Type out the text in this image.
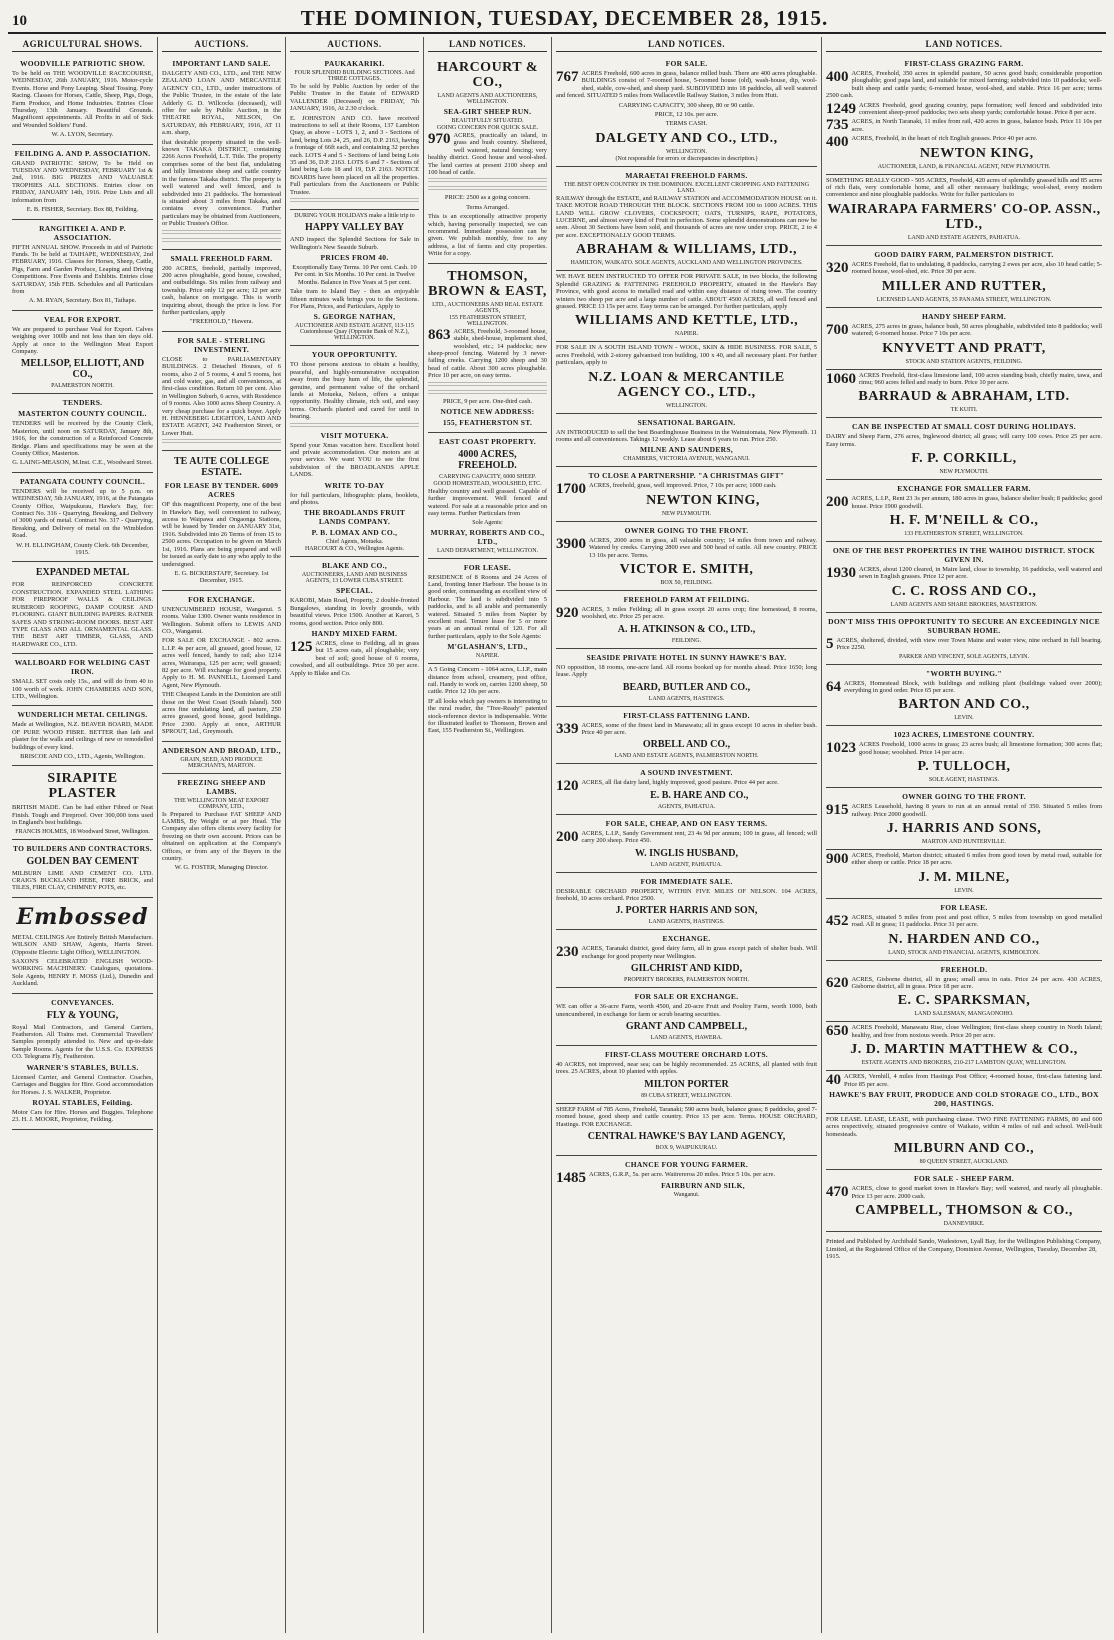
10	THE DOMINION, TUESDAY, DECEMBER 28, 1915.
AGRICULTURAL SHOWS.
WOODVILLE PATRIOTIC SHOW.

To be held on THE WOODVILLE RACECOURSE, WEDNESDAY, 26th JANUARY, 1916. Motor-cycle Events. Horse and Pony Leaping. Sheaf Tossing. Pony Racing. Classes for Horses, Cattle, Sheep, Pigs, Dogs, Farm Produce, and Home Industries. Entries Close Thursday, 13th January. Beautiful Grounds. Magnificent appointments. All Profits in aid of Sick and Wounded Soldiers' Fund.

W. A. LYON, Secretary.

FEILDING A. AND P. ASSOCIATION.

GRAND PATRIOTIC SHOW, To be Held on TUESDAY AND WEDNESDAY, FEBRUARY 1st & 2nd, 1916. BIG PRIZES AND VALUABLE TROPHIES ALL SECTIONS. Entries close on FRIDAY, JANUARY 14th, 1916. Prize Lists and all information from

E. B. FISHER, Secretary. Box 88, Feilding.

RANGITIKEI A. AND P. ASSOCIATION.

FIFTH ANNUAL SHOW. Proceeds in aid of Patriotic Funds. To be held at TAIHAPE, WEDNESDAY, 2nd FEBRUARY, 1916. Classes for Horses, Sheep, Cattle, Pigs, Farm and Garden Produce, Leaping and Driving Competitions. Free Events and Exhibits. Entries close SATURDAY, 15th FEB. Schedules and all Particulars from

A. M. RYAN, Secretary. Box 81, Taihape.

VEAL FOR EXPORT.

We are prepared to purchase Veal for Export. Calves weighing over 100lb and not less than ten days old. Apply at once to the Wellington Meat Export Company.

MELLSOP, ELLIOTT, AND CO.,
PALMERSTON NORTH.
TENDERS.
MASTERTON COUNTY COUNCIL.

TENDERS will be received by the County Clerk, Masterton, until noon on SATURDAY, January 8th, 1916, for the construction of a Reinforced Concrete Bridge. Plans and specifications may be seen at the County Office, Masterton.

G. LAING-MEASON, M.Inst. C.E., Woodward Street.

PATANGATA COUNTY COUNCIL.

TENDERS will be received up to 5 p.m. on WEDNESDAY, 5th JANUARY, 1916, at the Patangata County Office, Waipukurau, Hawke's Bay, for: Contract No. 316 - Quarrying, Breaking, and Delivery of 3000 yards of metal. Contract No. 317 - Quarrying, Breaking, and Delivery of metal on the Wimbledon Road.

W. H. ELLINGHAM, County Clerk. 6th December, 1915.

EXPANDED METAL

FOR REINFORCED CONCRETE CONSTRUCTION. EXPANDED STEEL LATHING FOR FIREPROOF WALLS & CEILINGS. RUBEROID ROOFING, DAMP COURSE AND FLOORING. GIANT BUILDING PAPERS. RATNER SAFES AND STRONG-ROOM DOORS. BEST ART TYPE GLASS AND ALL ORNAMENTAL GLASS. THE BEST ART TIMBER, GLASS, AND HARDWARE CO., LTD.

WALLBOARD FOR WELDING CAST IRON.

SMALL SET costs only 15s., and will do from 40 to 100 worth of work. JOHN CHAMBERS AND SON, LTD., Wellington.

WUNDERLICH METAL CEILINGS.

Made at Wellington, N.Z. BEAVER BOARD, MADE OF PURE WOOD FIBRE. BETTER than lath and plaster for the walls and ceilings of new or remodelled buildings of every kind.

BRISCOE AND CO., LTD., Agents, Wellington.

SIRAPITE PLASTER

BRITISH MADE. Can be had either Fibred or Neat Finish. Tough and Fireproof. Over 300,000 tons used in England's best buildings.

FRANCIS HOLMES, 18 Woodward Street, Wellington.
TO BUILDERS AND CONTRACTORS.
GOLDEN BAY CEMENT

MILBURN LIME AND CEMENT CO. LTD. CRAIG'S BUCKLAND HEBE, FIRE BRICK, and TILES, FIRE CLAY, CHIMNEY POTS, etc.

Embossed

METAL CEILINGS Are Entirely British Manufacture. WILSON AND SHAW, Agents, Harris Street. (Opposite Electric Light Office), WELLINGTON.

SAXON'S CELEBRATED ENGLISH WOOD-WORKING MACHINERY. Catalogues, quotations. Sole Agents, HENRY F. MOSS (Ltd.), Dunedin and Auckland.

CONVEYANCES.
FLY & YOUNG,

Royal Mail Contractors, and General Carriers, Featherston. All Trains met. Commercial Travellers' Samples promptly attended to. New and up-to-date Sample Rooms. Agents for the U.S.S. Co. EXPRESS CO. Telegrams Fly, Featherston.

WARNER'S STABLES, BULLS.

Licensed Carrier, and General Contractor. Coaches, Carriages and Buggies for Hire. Good accommodation for Horses. J. S. WALKER, Proprietor.

ROYAL STABLES, Feilding.

Motor Cars for Hire. Horses and Buggies. Telephone 23. H. J. MOORE, Proprietor, Feilding.

AUCTIONS.
IMPORTANT LAND SALE.

DALGETY AND CO., LTD., and THE NEW ZEALAND LOAN AND MERCANTILE AGENCY CO., LTD., under instructions of the Public Trustee, in the estate of the late Adderly G. D. Willcocks (deceased), will offer for sale by Public Auction, in the THEATRE ROYAL, NELSON, On SATURDAY, 8th FEBRUARY, 1916, AT 11 a.m. sharp,

that desirable property situated in the well-known TAKAKA DISTRICT, containing 2266 Acres Freehold, L.T. Title. The property comprises some of the best flat, undulating and hilly limestone sheep and cattle country in the famous Takaka district. The property is well watered and well fenced, and is subdivided into 21 paddocks. The homestead is situated about 3 miles from Takaka, and contains every convenience. Further particulars may be obtained from Auctioneers, or Public Trustee's Office.

SMALL FREEHOLD FARM.

200 ACRES, freehold, partially improved, 200 acres ploughable, good house, cowshed, and outbuildings. Six miles from railway and township. Price only 12 per acre; 12 per acre cash, balance on mortgage. This is worth inquiring about, though the price is low. For further particulars, apply

"FREEHOLD," Hawera.

FOR SALE - STERLING INVESTMENT.

CLOSE to PARLIAMENTARY BUILDINGS. 2 Detached Houses, of 6 rooms, also 2 of 5 rooms, 4 and 5 rooms, hot and cold water, gas, and all conveniences, at first-class condition. Return 10 per cent. Also in Wellington Suburb, 6 acres, with Residence of 9 rooms. Also 1000 acres Sheep Country. A very cheap purchase for a quick buyer. Apply H. HENNEBERG LEIGHTON, LAND AND ESTATE AGENT, 242 Featherston Street, or Lower Hutt.

TE AUTE COLLEGE ESTATE.
FOR LEASE BY TENDER. 6009 ACRES

OF this magnificent Property, one of the best in Hawke's Bay, well convenient to railway, access to Waipawa and Ongaonga Stations, will be leased by Tender on JANUARY 31st, 1916. Subdivided into 26 Terms of from 15 to 2500 acres. Occupation to be given on March 1st, 1916. Plans are being prepared and will be issued as early date to any who apply to the undersigned.

E. G. BICKERSTAFF, Secretary. 1st December, 1915.

FOR EXCHANGE.

UNENCUMBERED HOUSE, Wanganui. 5 rooms. Value 1300. Owner wants residence in Wellington. Submit offers to LEWIS AND CO., Wanganui.

FOR SALE OR EXCHANGE - 802 acres. L.I.P. 4s per acre, all grassed, good house, 12 acres well fenced, handy to rail; also 1214 acres, Wairarapa, 125 per acre; well grassed; 82 per acre. Will exchange for good property. Apply to H. M. PANNELL, Licensed Land Agent, New Plymouth.

THE Cheapest Lands in the Dominion are still those on the West Coast (South Island). 500 acres fine undulating land, all pasture, 250 acres grassed, good house, good buildings. Price 2300. Apply at once, ARTHUR SPROUT, Ltd., Greymouth.

ANDERSON AND BROAD, LTD.,
GRAIN, SEED, AND PRODUCE MERCHANTS, MARTON.
FREEZING SHEEP AND LAMBS.
THE WELLINGTON MEAT EXPORT COMPANY, LTD.,

Is Prepared to Purchase FAT SHEEP AND LAMBS, By Weight or at per Head. The Company also offers clients every facility for freezing on their own account. Prices can be obtained on application at the Company's Offices, or from any of the Buyers in the country.

W. G. FOSTER, Managing Director.

AUCTIONS.
PAUKAKARIKI.
FOUR SPLENDID BUILDING SECTIONS. And THREE COTTAGES.

To be sold by Public Auction by order of the Public Trustee in the Estate of EDWARD VALLENDER (Deceased) on FRIDAY, 7th JANUARY, 1916, At 2.30 o'clock.

E. JOHNSTON AND CO. have received instructions to sell at their Rooms, 137 Lambton Quay, as above - LOTS 1, 2, and 3 - Sections of land, being Lots 24, 25, and 26, D.P. 2163, having a frontage of 66ft each, and containing 32 perches each. LOTS 4 and 5 - Sections of land being Lots 35 and 36, D.P. 2163. LOTS 6 and 7 - Sections of land being Lots 18 and 19, D.P. 2163. NOTICE BOARDS have been placed on all the properties. Full particulars from the Auctioneers or Public Trustee.

DURING YOUR HOLIDAYS make a little trip to
HAPPY VALLEY BAY

AND inspect the Splendid Sections for Sale in Wellington's New Seaside Suburb.

PRICES FROM 40.

Exceptionally Easy Terms. 10 Per cent. Cash. 10 Per cent. in Six Months. 10 Per cent. in Twelve Months. Balance in Five Years at 5 per cent.

Take tram to Island Bay - then an enjoyable fifteen minutes walk brings you to the Sections. For Plans, Prices, and Particulars, Apply to

S. GEORGE NATHAN,
AUCTIONEER AND ESTATE AGENT, 113-115 Customhouse Quay (Opposite Bank of N.Z.), WELLINGTON.
YOUR OPPORTUNITY.

TO those persons anxious to obtain a healthy, peaceful, and highly-remunerative occupation away from the busy hum of life, the splendid, genuine, and permanent value of the orchard lands at Motueka, Nelson, offers a unique opportunity. Healthy climate, rich soil, and easy terms. Orchards planted and cared for until in bearing.

VISIT MOTUEKA.

Spend your Xmas vacation here. Excellent hotel and private accommodation. Our motors are at your service. We want YOU to see the first subdivision of the BROADLANDS APPLE LANDS.

WRITE TO-DAY

for full particulars, lithographic plans, booklets, and photos.

THE BROADLANDS FRUIT LANDS COMPANY.
P. B. LOMAX AND CO.,
Chief Agents, Motueka.
HARCOURT & CO., Wellington Agents.
BLAKE AND CO.,
AUCTIONEERS, LAND AND BUSINESS AGENTS, 13 LOWER CUBA STREET.
SPECIAL.

KAROBI, Main Road, Property, 2 double-fronted Bungalows, standing in lovely grounds, with beautiful views. Price 1500. Another at Karori, 5 rooms, good section. Price only 800.

HANDY MIXED FARM.

125 ACRES, close to Feilding, all in grass but 15 acres oats, all ploughable; very best of soil; good house of 6 rooms, cowshed, and all outbuildings. Price 30 per acre. Apply to Blake and Co.

LAND NOTICES.
HARCOURT & CO.,
LAND AGENTS AND AUCTIONEERS, WELLINGTON.
SEA-GIRT SHEEP RUN.
BEAUTIFULLY SITUATED.
GOING CONCERN FOR QUICK SALE.

970 ACRES, practically an island, in grass and bush country. Sheltered, well watered, natural fencing; very healthy district. Good house and wool-shed. The land carries at present 2100 sheep and 100 head of cattle.

PRICE: 2500 as a going concern.

Terms Arranged.

This is an exceptionally attractive property which, having personally inspected, we can recommend. Immediate possession can be given. We publish monthly, free to any address, a list of farms and city properties. Write for a copy.

THOMSON, BROWN & EAST,
LTD., AUCTIONEERS AND REAL ESTATE AGENTS,
155 FEATHERSTON STREET, WELLINGTON.

863 ACRES, Freehold, 3-roomed house, stable, shed-house, implement shed, woolshed, etc.; 14 paddocks; new sheep-proof fencing. Watered by 3 never-failing creeks. Carrying 1200 sheep and 30 head of cattle. About 300 acres ploughable. Price 10 per acre, on easy terms.

PRICE, 9 per acre. One-third cash.

NOTICE NEW ADDRESS:
155, FEATHERSTON ST.
EAST COAST PROPERTY.
4000 ACRES, FREEHOLD.
CARRYING CAPACITY, 6000 SHEEP.
GOOD HOMESTEAD, WOOLSHED, ETC.

Healthy country and well grassed. Capable of further improvement. Well fenced and watered. For sale at a reasonable price and on easy terms. Further Particulars from

Sole Agents:
MURRAY, ROBERTS AND CO., LTD.,
LAND DEPARTMENT, WELLINGTON.
FOR LEASE.

RESIDENCE of 8 Rooms and 24 Acres of Land, fronting Inner Harbour. The house is in good order, commanding an excellent view of Harbour. The land is subdivided into 5 paddocks, and is all arable and permanently watered. Situated 5 miles from Napier by excellent road. Tenure lease for 5 or more years at an annual rental of 120. For all further particulars, apply to the Sole Agents:

M'GLASHAN'S, LTD.,
NAPIER.

A 5 Going Concern - 1064 acres, L.I.P., main distance from school, creamery, post office, rail. Handy to work on, carries 1200 sheep, 50 cattle. Price 12 10s per acre.

IF all looks which pay owners is interesting to the rural reader, the "Tree-Ready" patented stock-reference device is indispensable. Write for illustrated leaflet to Thomson, Brown and East, 155 Featherston St., Wellington.

LAND NOTICES.
FOR SALE.

767 ACRES Freehold, 600 acres in grass, balance milled bush. There are 400 acres ploughable. BUILDINGS consist of 7-roomed house, 5-roomed house (old), wash-house, dip, wool-shed, stable, cow-shed, and sheep yard. SUBDIVIDED into 18 paddocks, all well watered and fenced. SITUATED 5 miles from Wallaceville Railway Station, 3 miles from Hutt.

CARRYING CAPACITY, 300 sheep, 80 or 90 cattle.

PRICE, 12 10s. per acre.

TERMS CASH.

DALGETY AND CO., LTD.,
WELLINGTON.
(Not responsible for errors or discrepancies in description.)
MARAETAI FREEHOLD FARMS.
THE BEST OPEN COUNTRY IN THE DOMINION. EXCELLENT CROPPING AND FATTENING LAND.

RAILWAY through the ESTATE, and RAILWAY STATION and ACCOMMODATION HOUSE on it. TAKE MOTOR ROAD THROUGH THE BLOCK. SECTIONS FROM 100 to 1000 ACRES. THIS LAND WILL GROW CLOVERS, COCKSFOOT, OATS, TURNIPS, RAPE, POTATOES, LUCERNE, and almost every kind of Fruit in perfection. Some splendid demonstrations can now be seen. About 30 Sections have been sold, and thousands of acres are now under crop. PRICE, 2 to 4 per acre. EXCEPTIONALLY GOOD TERMS.

ABRAHAM & WILLIAMS, LTD.,
HAMILTON, WAIKATO. SOLE AGENTS, AUCKLAND AND WELLINGTON PROVINCES.

WE HAVE BEEN INSTRUCTED TO OFFER FOR PRIVATE SALE, in two blocks, the following Splendid GRAZING & FATTENING FREEHOLD PROPERTY, situated in the Hawke's Bay Province, with good access to metalled road and within easy distance of rising town. The country winters two sheep per acre and a large number of cattle. ABOUT 4500 ACRES, all well fenced and grassed. PRICE 13 15s per acre. Easy terms can be arranged. For further particulars, apply

WILLIAMS AND KETTLE, LTD.,
NAPIER.

FOR SALE IN A SOUTH ISLAND TOWN - WOOL, SKIN & HIDE BUSINESS. FOR SALE, 5 acres Freehold, with 2-storey galvanised iron building, 100 x 40, and all necessary plant. For further particulars, apply to

N.Z. LOAN & MERCANTILE AGENCY CO., LTD.,
WELLINGTON.
SENSATIONAL BARGAIN.

AN INTRODUCED to sell the best Boardinghouse Business in the Wainuiomata, New Plymouth. 11 rooms and all conveniences. Takings 12 weekly. Lease about 6 years to run. Price 250.

MILNE AND SAUNDERS,
CHAMBERS, VICTORIA AVENUE, WANGANUI.
TO CLOSE A PARTNERSHIP. "A CHRISTMAS GIFT"

1700 ACRES, freehold, grass, well improved. Price, 7 10s per acre; 1000 cash.

NEWTON KING,
NEW PLYMOUTH.
OWNER GOING TO THE FRONT.

3900 ACRES, 2000 acres in grass, all valuable country; 14 miles from town and railway. Watered by creeks. Carrying 2800 ewe and 500 head of cattle. All new country. PRICE 13 10s per acre. Terms.

VICTOR E. SMITH,
BOX 50, FEILDING.
FREEHOLD FARM AT FEILDING.

920 ACRES, 3 miles Feilding; all in grass except 20 acres crop; fine homestead, 8 rooms, woolshed, etc. Price 25 per acre.

A. H. ATKINSON & CO., LTD.,
FEILDING.
SEASIDE PRIVATE HOTEL IN SUNNY HAWKE'S BAY.

NO opposition, 18 rooms, one-acre land. All rooms booked up for months ahead. Price 1650; long lease. Apply

BEARD, BUTLER AND CO.,
LAND AGENTS, HASTINGS.
FIRST-CLASS FATTENING LAND.

339 ACRES, some of the finest land in Manawatu; all in grass except 10 acres in shelter bush. Price 40 per acre.

ORBELL AND CO.,
LAND AND ESTATE AGENTS, PALMERSTON NORTH.
A SOUND INVESTMENT.

120 ACRES, all flat dairy land, highly improved, good pasture. Price 44 per acre.

E. B. HARE AND CO.,
AGENTS, PAHIATUA.
FOR SALE, CHEAP, AND ON EASY TERMS.

200 ACRES, L.I.P., Sandy Government rent, 23 4s 9d per annum; 100 in grass, all fenced; will carry 200 sheep. Price 450.

W. INGLIS HUSBAND,
LAND AGENT, PAHIATUA.
FOR IMMEDIATE SALE.

DESIRABLE ORCHARD PROPERTY, WITHIN FIVE MILES OF NELSON. 104 ACRES, freehold, 10 acres orchard. Price 2500.

J. PORTER HARRIS AND SON,
LAND AGENTS, HASTINGS.
EXCHANGE.

230 ACRES, Taranaki district, good dairy farm, all in grass except patch of shelter bush. Will exchange for good property near Wellington.

GILCHRIST AND KIDD,
PROPERTY BROKERS, PALMERSTON NORTH.
FOR SALE OR EXCHANGE.

WE can offer a 36-acre Farm, worth 4500, and 20-acre Fruit and Poultry Farm, worth 1000, both unencumbered, in exchange for farm or scrub bearing securities.

GRANT AND CAMPBELL,
LAND AGENTS, HAWERA.
FIRST-CLASS MOUTERE ORCHARD LOTS.

40 ACRES, not improved, near sea; can be highly recommended. 25 ACRES, all planted with fruit trees. 25 ACRES, about 10 planted with apples.

MILTON PORTER
89 CUBA STREET, WELLINGTON.

SHEEP FARM of 785 Acres, Freehold, Taranaki; 590 acres bush, balance grass; 8 paddocks, good 7-roomed house, good sheep and cattle country. Price 13 per acre. Terms. HOUSE ORCHARD, Hastings. FOR EXCHANGE.

CENTRAL HAWKE'S BAY LAND AGENCY,
BOX 9, WAIPUKURAU.
CHANCE FOR YOUNG FARMER.

1485 ACRES, G.R.P., 5s. per acre. Waiirereroa 20 miles. Price 5 10s. per acre.

FAIRBURN AND SILK,
Wanganui.
LAND NOTICES.
FIRST-CLASS GRAZING FARM.

400 ACRES, Freehold, 350 acres in splendid pasture, 50 acres good bush; considerable proportion ploughable; good papa land, and suitable for mixed farming; subdivided into 10 paddocks; well-built sheep and cattle yards; 6-roomed house, wool-shed, and stable. Price 16 per acre; terms 2500 cash.

1249 ACRES Freehold, good grazing country, papa formation; well fenced and subdivided into convenient sheep-proof paddocks; two sets sheep yards; comfortable house. Price 8 per acre.

735 ACRES, in North Taranaki, 11 miles from rail, 420 acres in grass, balance bush. Price 11 10s per acre.

400 ACRES, Freehold, in the heart of rich English grasses. Price 40 per acre.

NEWTON KING,
AUCTIONEER, LAND, & FINANCIAL AGENT, NEW PLYMOUTH.

SOMETHING REALLY GOOD - 505 ACRES, Freehold, 420 acres of splendidly grassed hills and 85 acres of rich flats, very comfortable home, and all other necessary buildings; wool-shed, every modern convenience and nine ploughable paddocks. Write for fuller particulars to

WAIRARAPA FARMERS' CO-OP. ASSN., LTD.,
LAND AND ESTATE AGENTS, PAHIATUA.
GOOD DAIRY FARM, PALMERSTON DISTRICT.

320 ACRES Freehold, flat to undulating, 8 paddocks, carrying 2 ewes per acre, also 10 head cattle; 5-roomed house, wool-shed, etc. Price 30 per acre.

MILLER AND RUTTER,
LICENSED LAND AGENTS, 35 PANAMA STREET, WELLINGTON.
HANDY SHEEP FARM.

700 ACRES, 275 acres in grass, balance bush, 50 acres ploughable, subdivided into 8 paddocks; well watered; 6-roomed house. Price 7 10s per acre.

KNYVETT AND PRATT,
STOCK AND STATION AGENTS, FEILDING.

1060 ACRES Freehold, first-class limestone land, 100 acres standing bush, chiefly maire, tawa, and rimu; 960 acres felled and ready to burn. Price 10 per acre.

BARRAUD & ABRAHAM, LTD.
TE KUITI.
CAN BE INSPECTED AT SMALL COST DURING HOLIDAYS.

DAIRY and Sheep Farm, 276 acres, Inglewood district; all grass; will carry 100 cows. Price 25 per acre. Easy terms.

F. P. CORKILL,
NEW PLYMOUTH.
EXCHANGE FOR SMALLER FARM.

200 ACRES, L.I.P., Rent 23 3s per annum, 180 acres in grass, balance shelter bush; 8 paddocks; good house. Price 1900 goodwill.

H. F. M'NEILL & CO.,
133 FEATHERSTON STREET, WELLINGTON.
ONE OF THE BEST PROPERTIES IN THE WAIHOU DISTRICT. STOCK GIVEN IN.

1930 ACRES, about 1200 cleared, in Maire land, close to township, 16 paddocks, well watered and sewn in English grasses. Price 12 per acre.

C. C. ROSS AND CO.,
LAND AGENTS AND SHARE BROKERS, MASTERTON.
DON'T MISS THIS OPPORTUNITY TO SECURE AN EXCEEDINGLY NICE SUBURBAN HOME.

5 ACRES, sheltered, divided, with view over Town Maine and water view, nine orchard in full bearing. Price 2250.

PARKER AND VINCENT, SOLE AGENTS, LEVIN.
"WORTH BUYING."

64 ACRES, Homestead Block, with buildings and milking plant (buildings valued over 2000); everything in good order. Price 65 per acre.

BARTON AND CO.,
LEVIN.
1023 ACRES, LIMESTONE COUNTRY.

1023 ACRES Freehold, 1000 acres in grass; 23 acres bush; all limestone formation; 300 acres flat; good house; woolshed. Price 14 per acre.

P. TULLOCH,
SOLE AGENT, HASTINGS.
OWNER GOING TO THE FRONT.

915 ACRES Leasehold, having 8 years to run at an annual rental of 350. Situated 5 miles from railway. Price 2000 goodwill.

J. HARRIS AND SONS,
MARTON AND HUNTERVILLE.

900 ACRES, Freehold, Marton district; situated 6 miles from good town by metal road, suitable for either sheep or cattle. Price 18 per acre.

J. M. MILNE,
LEVIN.
FOR LEASE.

452 ACRES, situated 5 miles from post and post office, 5 miles from township on good metalled road. All in grass; 11 paddocks. Price 31 per acre.

N. HARDEN AND CO.,
LAND, STOCK AND FINANCIAL AGENTS, KIMBOLTON.
FREEHOLD.

620 ACRES, Gisborne district, all in grass; small area in oats. Price 24 per acre. 430 ACRES, Gisborne district, all in grass. Price 18 per acre.

E. C. SPARKSMAN,
LAND SALESMAN, MANGAONOHO.

650 ACRES Freehold, Manawatu Rise, close Wellington; first-class sheep country in North Island; healthy, and free from noxious weeds. Price 20 per acre.

J. D. MARTIN MATTHEW & CO.,
ESTATE AGENTS AND BROKERS, 210-217 LAMBTON QUAY, WELLINGTON.

40 ACRES, Vernhill, 4 miles from Hastings Post Office; 4-roomed house, first-class fattening land. Price 85 per acre.

HAWKE'S BAY FRUIT, PRODUCE AND COLD STORAGE CO., LTD., BOX 200, HASTINGS.

FOR LEASE. LEASE, LEASE, with purchasing clause. TWO FINE FATTENING FARMS, 80 and 600 acres respectively, situated progressive centre of Waikato, within 4 miles of rail and school. Well-built homesteads.

MILBURN AND CO.,
80 QUEEN STREET, AUCKLAND.
FOR SALE - SHEEP FARM.

470 ACRES, close to good market town in Hawke's Bay; well watered, and nearly all ploughable. Price 13 per acre. 2000 cash.

CAMPBELL, THOMSON & CO.,
DANNEVIRKE.

Printed and Published by Archibald Sando, Wadestown, Lyall Bay, for the Wellington Publishing Company, Limited, at the Registered Office of the Company, Dominion Avenue, Wellington, Tuesday, December 28, 1915.
